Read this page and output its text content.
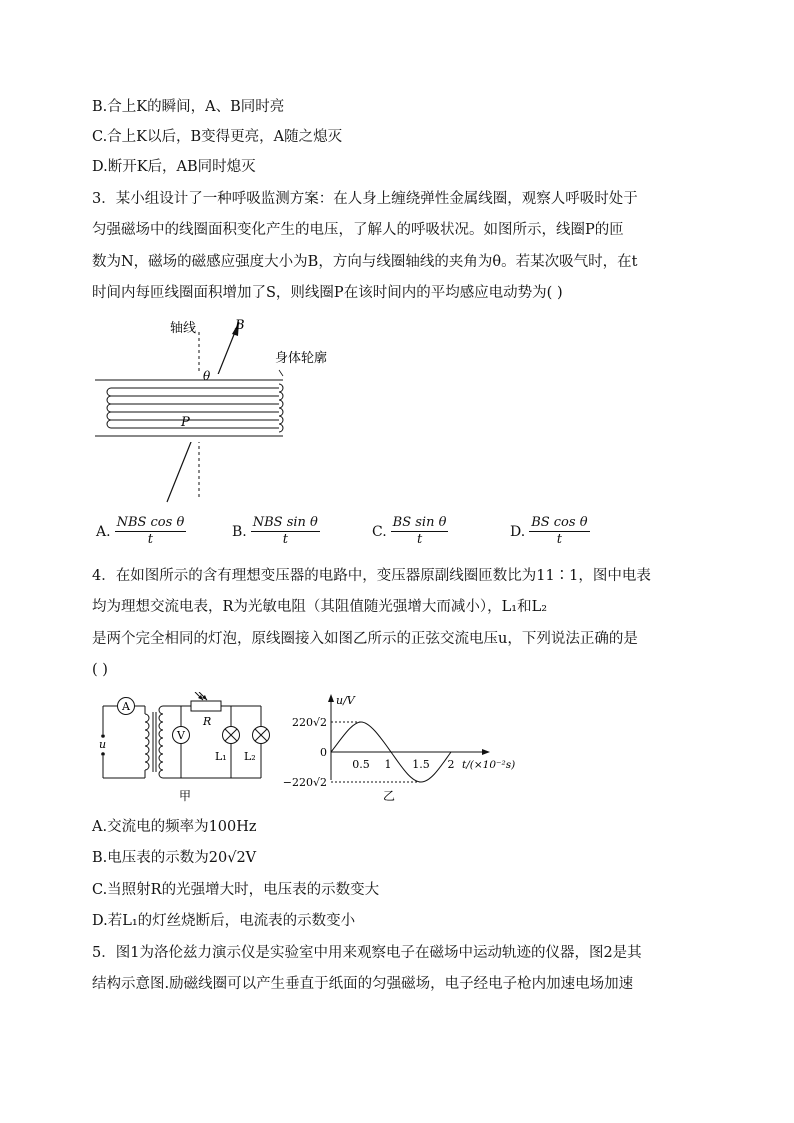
B.合上K的瞬间，A、B同时亮
C.合上K以后，B变得更亮，A随之熄灭
D.断开K后，AB同时熄灭
3．某小组设计了一种呼吸监测方案：在人身上缠绕弹性金属线圈，观察人呼吸时处于
匀强磁场中的线圈面积变化产生的电压，了解人的呼吸状况。如图所示，线圈P的匝
数为N，磁场的磁感应强度大小为B，方向与线圈轴线的夹角为θ。若某次吸气时，在t
时间内每匝线圈面积增加了S，则线圈P在该时间内的平均感应电动势为( )
轴线	B
θ
身体轮廓
P
A. $\frac{\text{NBS cos θ}}{t}$	B. $\frac{\text{NBS sin θ}}{t}$	C. $\frac{\text{BS sin θ}}{t}$	D. $\frac{\text{BS cos θ}}{t}$
4．在如图所示的含有理想变压器的电路中，变压器原副线圈匝数比为11∶1，图中电表
均为理想交流电表，R为光敏电阻（其阻值随光强增大而减小），L₁和L₂
是两个完全相同的灯泡，原线圈接入如图乙所示的正弦交流电压u，下列说法正确的是
( )
A
V
u
R
L₁ L₂
甲
u/V
220√2
0
−220√2
0.5 1 1.5 2 t/(×10⁻²s)
乙
A.交流电的频率为100Hz
B.电压表的示数为20√2V
C.当照射R的光强增大时，电压表的示数变大
D.若L₁的灯丝烧断后，电流表的示数变小
5．图1为洛伦兹力演示仪是实验室中用来观察电子在磁场中运动轨迹的仪器，图2是其
结构示意图.励磁线圈可以产生垂直于纸面的匀强磁场，电子经电子枪内加速电场加速
